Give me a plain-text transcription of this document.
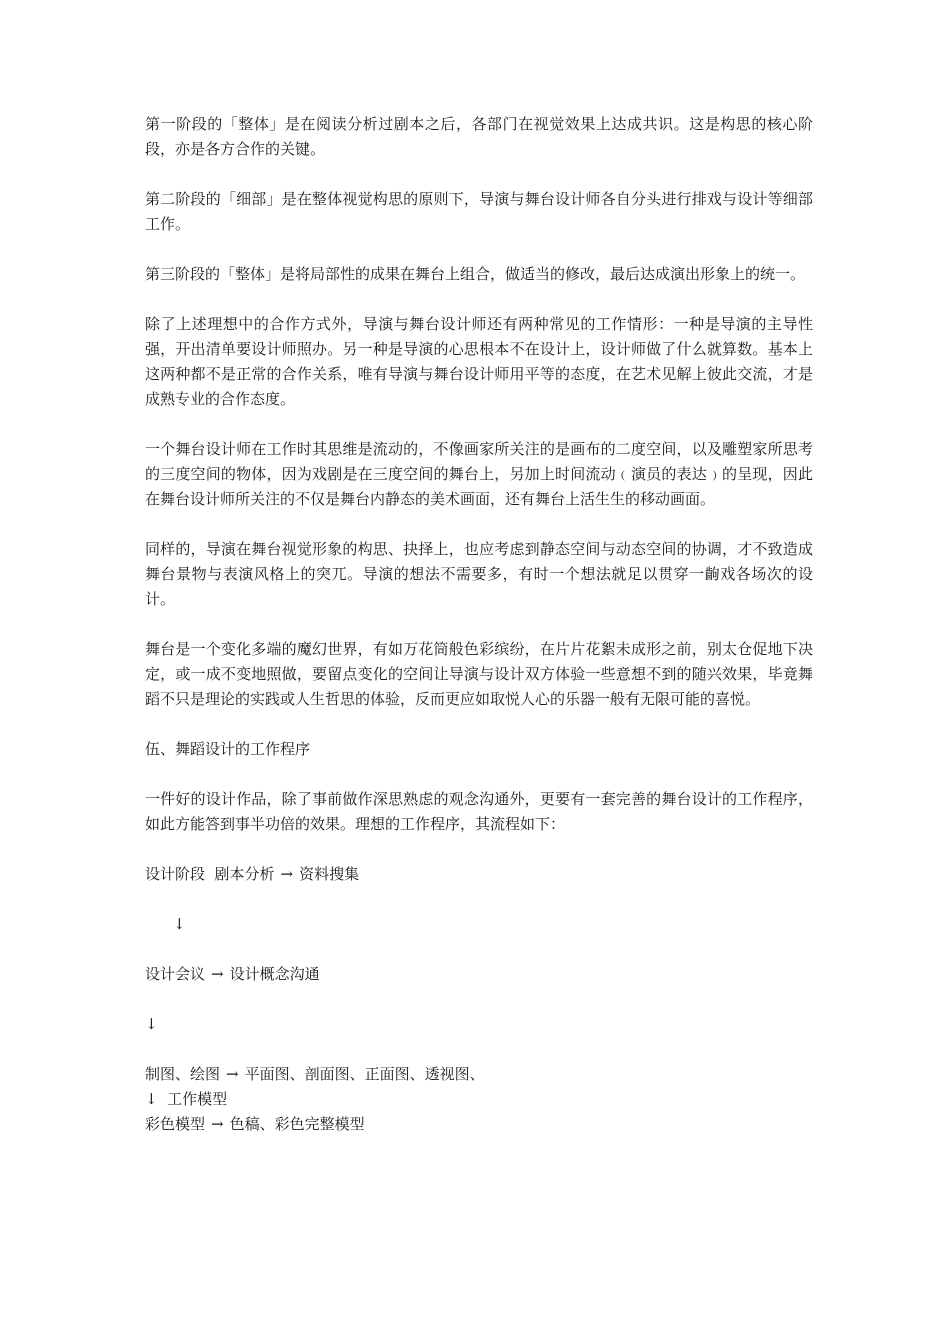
第一阶段的「整体」是在阅读分析过剧本之后，各部门在视觉效果上达成共识。这是构思的核心阶段，亦是各方合作的关键。

第二阶段的「细部」是在整体视觉构思的原则下，导演与舞台设计师各自分头进行排戏与设计等细部工作。

第三阶段的「整体」是将局部性的成果在舞台上组合，做适当的修改，最后达成演出形象上的统一。

除了上述理想中的合作方式外，导演与舞台设计师还有两种常见的工作情形：一种是导演的主导性强，开出清单要设计师照办。另一种是导演的心思根本不在设计上，设计师做了什么就算数。基本上这两种都不是正常的合作关系，唯有导演与舞台设计师用平等的态度，在艺术见解上彼此交流，才是成熟专业的合作态度。

一个舞台设计师在工作时其思维是流动的，不像画家所关注的是画布的二度空间，以及雕塑家所思考的三度空间的物体，因为戏剧是在三度空间的舞台上，另加上时间流动﹙演员的表达﹚的呈现，因此在舞台设计师所关注的不仅是舞台内静态的美术画面，还有舞台上活生生的移动画面。

同样的，导演在舞台视觉形象的构思、抉择上，也应考虑到静态空间与动态空间的协调，才不致造成舞台景物与表演风格上的突兀。导演的想法不需要多，有时一个想法就足以贯穿一齣戏各场次的设计。

舞台是一个变化多端的魔幻世界，有如万花筒般色彩缤纷，在片片花絮未成形之前，别太仓促地下决定，或一成不变地照做，要留点变化的空间让导演与设计双方体验一些意想不到的随兴效果，毕竟舞蹈不只是理论的实践或人生哲思的体验，反而更应如取悦人心的乐器一般有无限可能的喜悦。

伍、舞蹈设计的工作程序

一件好的设计作品，除了事前做作深思熟虑的观念沟通外，更要有一套完善的舞台设计的工作程序，如此方能答到事半功倍的效果。理想的工作程序，其流程如下：

设计阶段  剧本分析 → 资料搜集
↓
设计会议 → 设计概念沟通
↓
制图、绘图 → 平面图、剖面图、正面图、透视图、
↓ 工作模型
彩色模型 → 色稿、彩色完整模型
